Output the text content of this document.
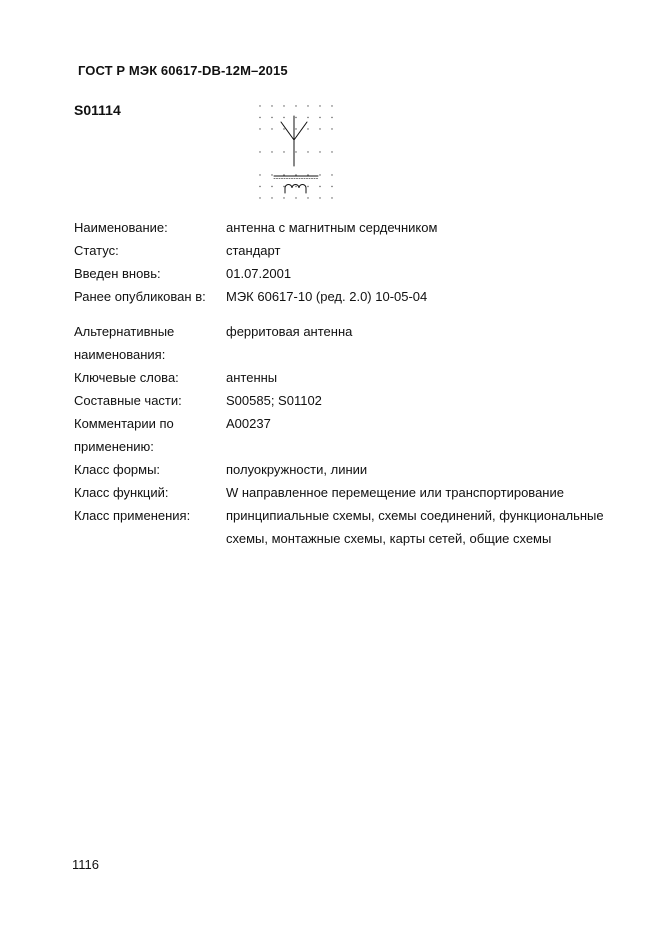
ГОСТ Р МЭК 60617-DB-12M–2015
S01114
Наименование:	антенна с магнитным сердечником
Статус:	стандарт
Введен вновь:	01.07.2001
Ранее опубликован в:	МЭК 60617-10 (ред. 2.0) 10-05-04
Альтернативные наименования:
ферритовая антенна
Ключевые слова:	антенны
Составные части:	S00585; S01102
Комментарии по применению:
A00237
Класс формы:	полуокружности, линии
Класс функций:	W направленное перемещение или транспортирование
Класс применения:	принципиальные схемы, схемы соединений, функциональные схемы, монтажные схемы, карты сетей, общие схемы
1116
